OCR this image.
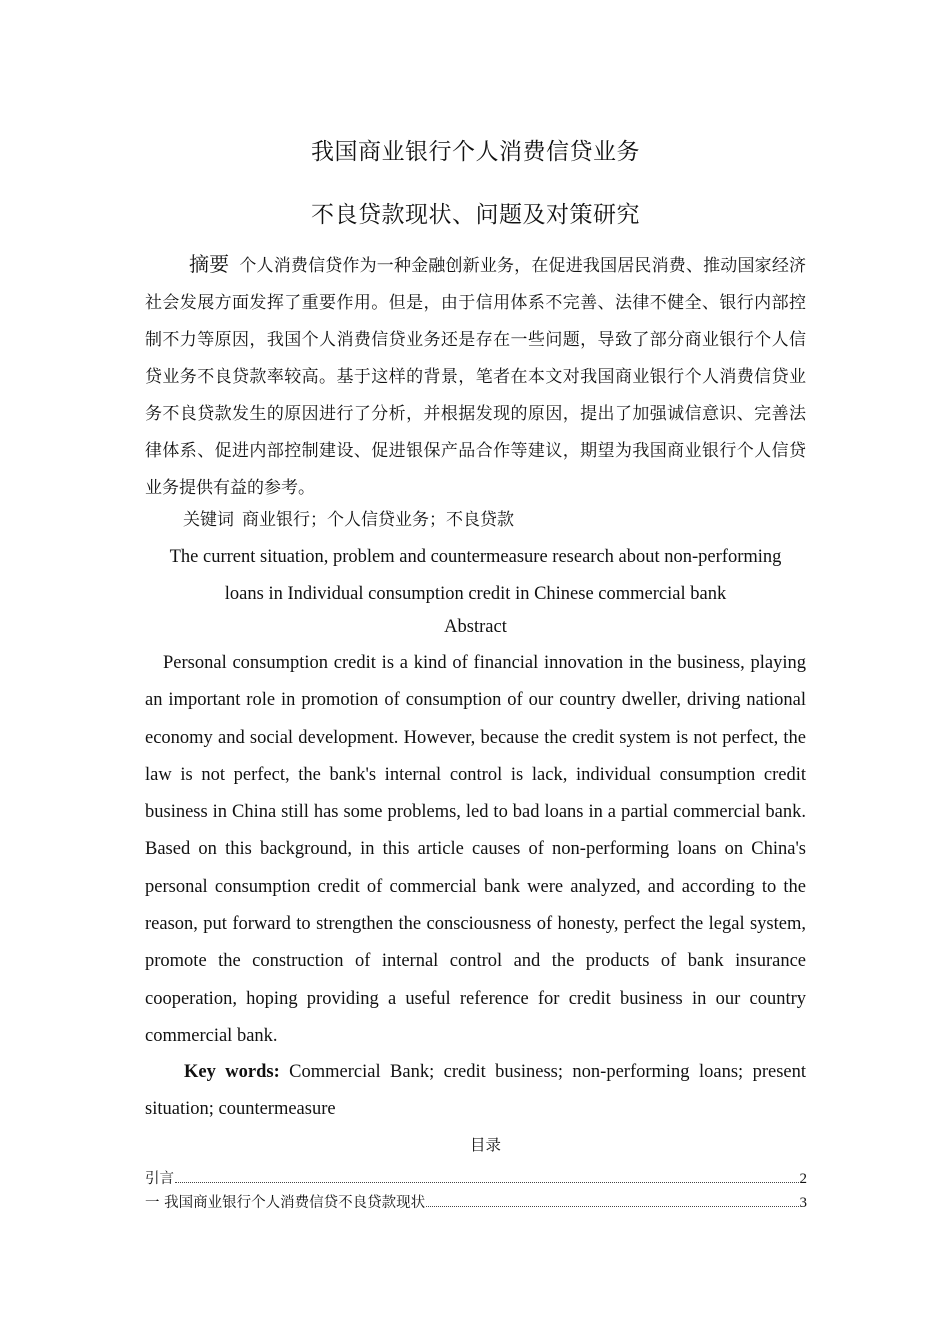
我国商业银行个人消费信贷业务
不良贷款现状、问题及对策研究
摘要 个人消费信贷作为一种金融创新业务，在促进我国居民消费、推动国家经济社会发展方面发挥了重要作用。但是，由于信用体系不完善、法律不健全、银行内部控制不力等原因，我国个人消费信贷业务还是存在一些问题，导致了部分商业银行个人信贷业务不良贷款率较高。基于这样的背景，笔者在本文对我国商业银行个人消费信贷业务不良贷款发生的原因进行了分析，并根据发现的原因，提出了加强诚信意识、完善法律体系、促进内部控制建设、促进银保产品合作等建议，期望为我国商业银行个人信贷业务提供有益的参考。
关键词 商业银行；个人信贷业务；不良贷款
The current situation, problem and countermeasure research about non-performing
loans in Individual consumption credit in Chinese commercial bank
Abstract
Personal consumption credit is a kind of financial innovation in the business, playing an important role in promotion of consumption of our country dweller, driving national economy and social development. However, because the credit system is not perfect, the law is not perfect, the bank's internal control is lack, individual consumption credit business in China still has some problems, led to bad loans in a partial commercial bank. Based on this background, in this article causes of non-performing loans on China's personal consumption credit of commercial bank were analyzed, and according to the reason, put forward to strengthen the consciousness of honesty, perfect the legal system, promote the construction of internal control and the products of bank insurance cooperation, hoping providing a useful reference for credit business in our country commercial bank.
Key words: Commercial Bank; credit business; non-performing loans; present situation; countermeasure
目录
引言	2
一 我国商业银行个人消费信贷不良贷款现状	3
